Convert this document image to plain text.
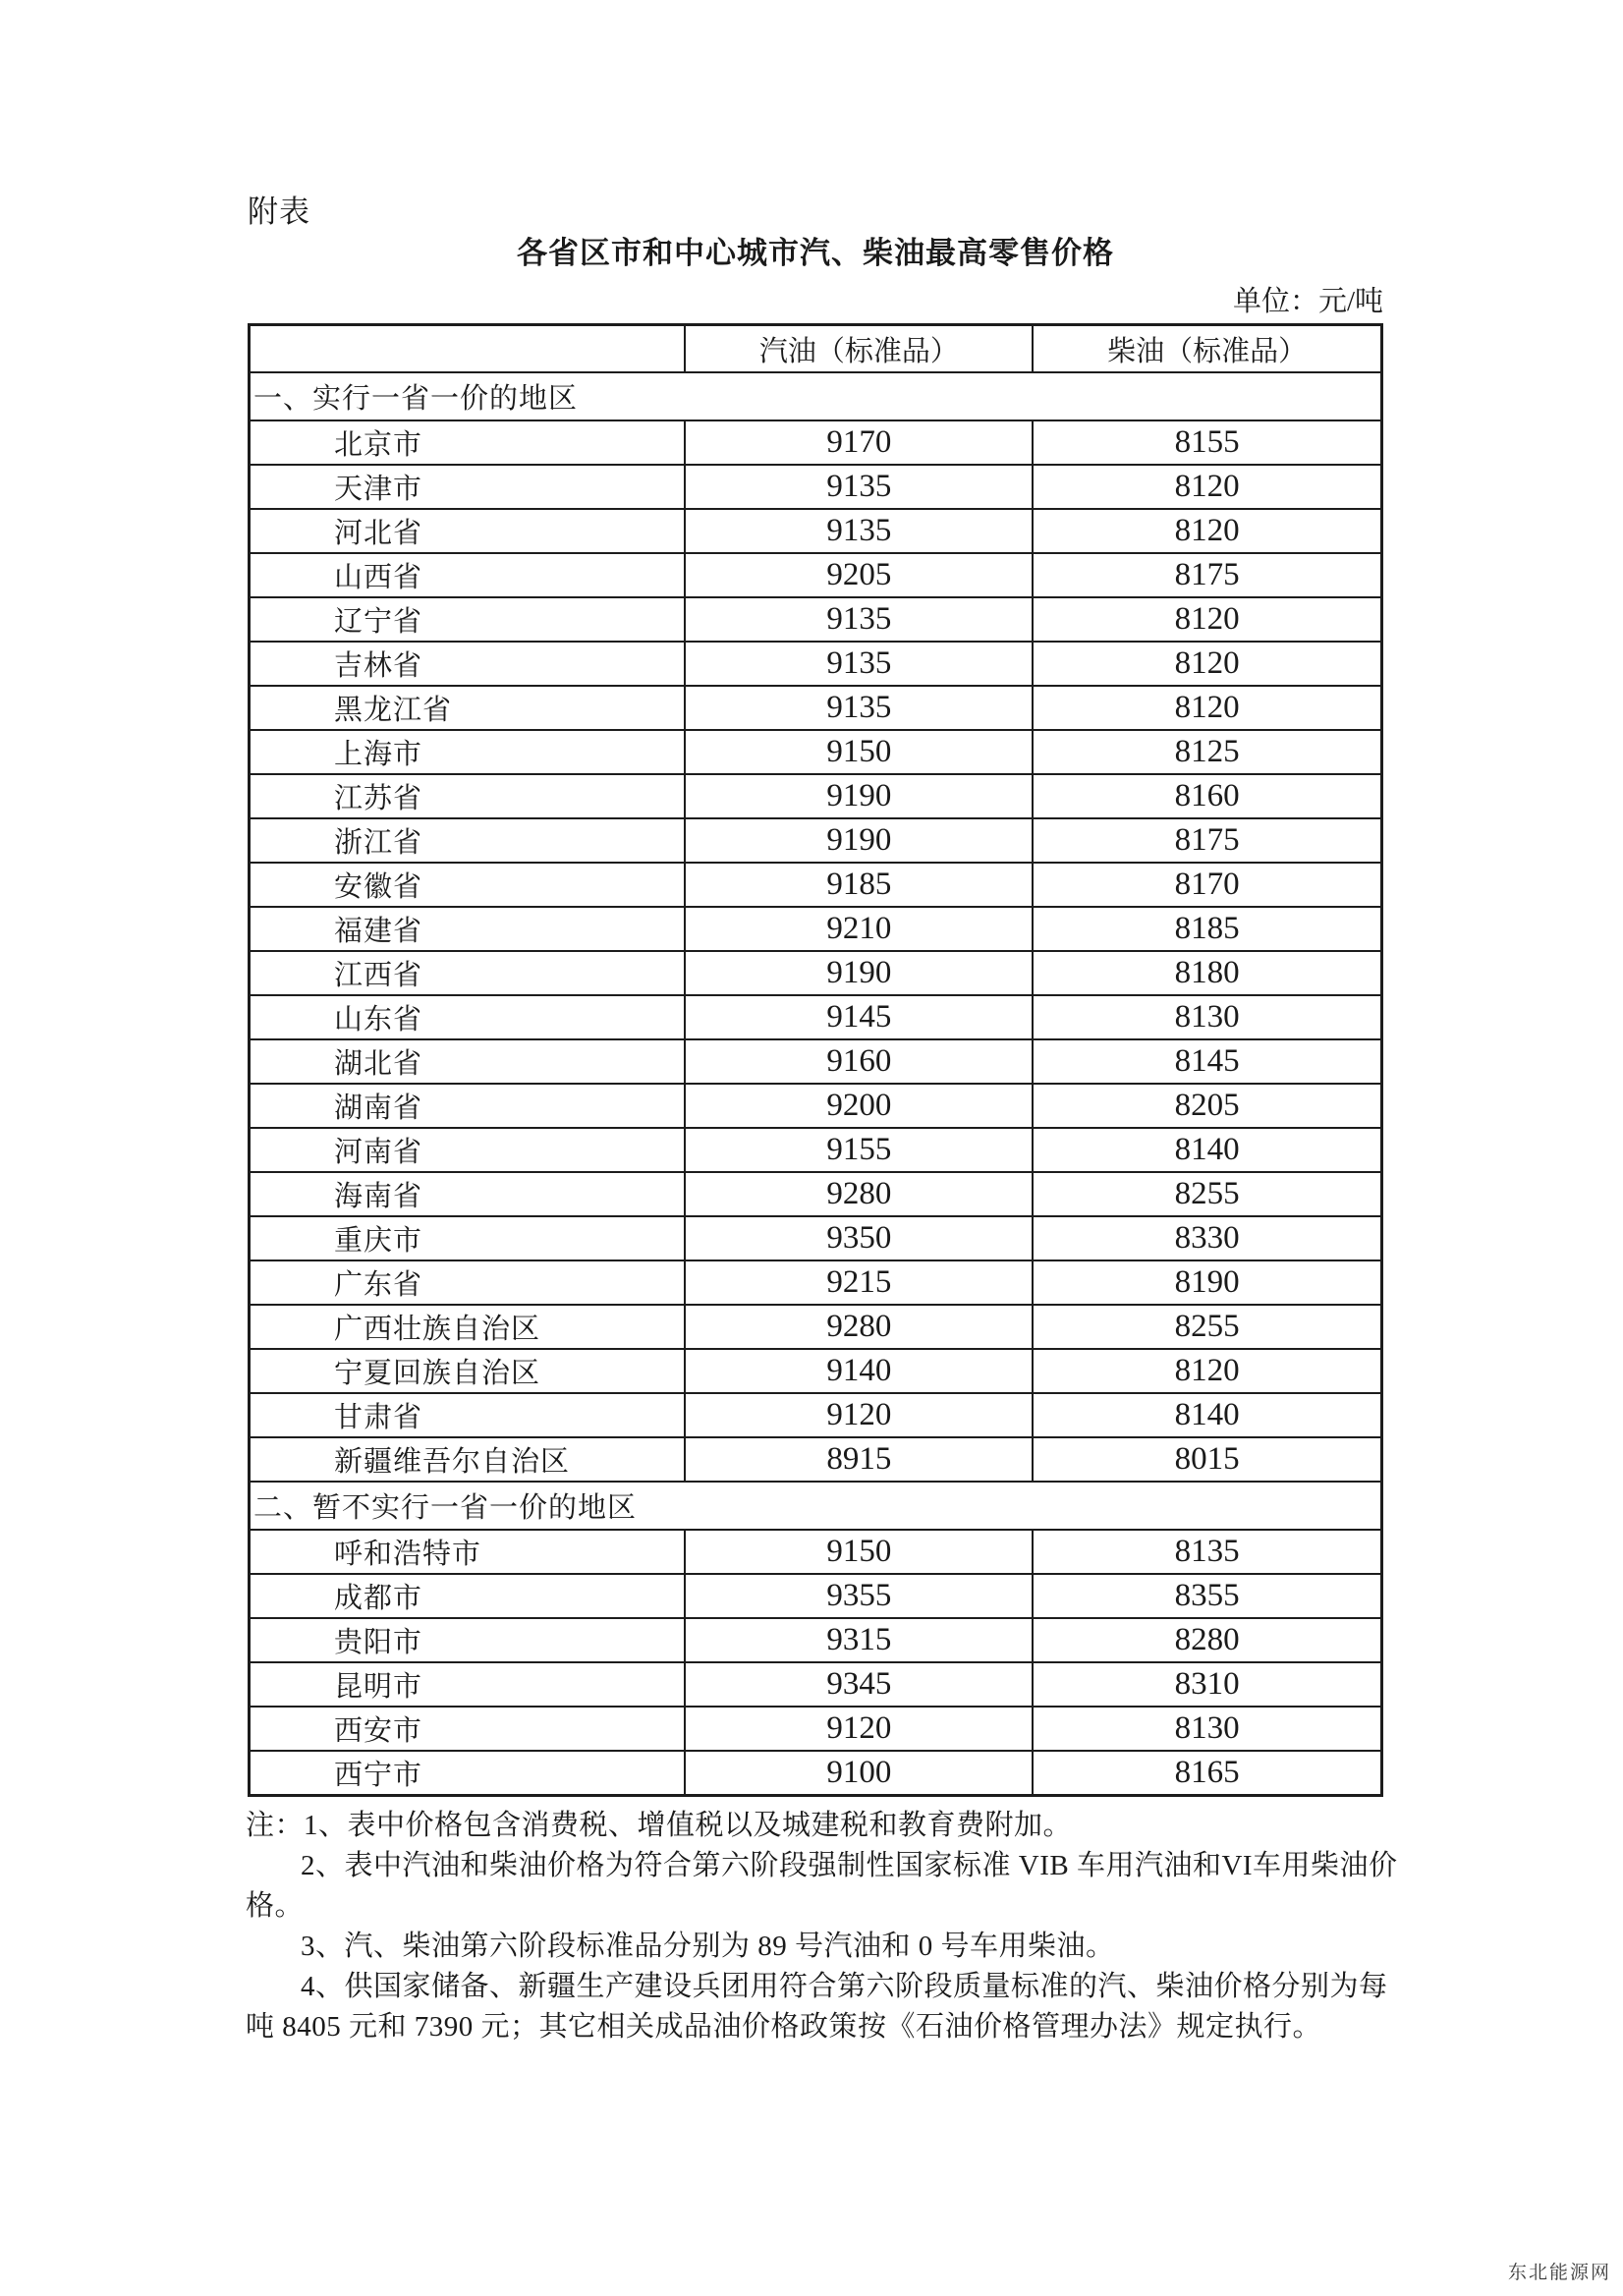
附表
各省区市和中心城市汽、柴油最高零售价格
单位：元/吨
	汽油（标准品）	柴油（标准品）
一、实行一省一价的地区		
北京市	9170	8155
天津市	9135	8120
河北省	9135	8120
山西省	9205	8175
辽宁省	9135	8120
吉林省	9135	8120
黑龙江省	9135	8120
上海市	9150	8125
江苏省	9190	8160
浙江省	9190	8175
安徽省	9185	8170
福建省	9210	8185
江西省	9190	8180
山东省	9145	8130
湖北省	9160	8145
湖南省	9200	8205
河南省	9155	8140
海南省	9280	8255
重庆市	9350	8330
广东省	9215	8190
广西壮族自治区	9280	8255
宁夏回族自治区	9140	8120
甘肃省	9120	8140
新疆维吾尔自治区	8915	8015
二、暂不实行一省一价的地区		
呼和浩特市	9150	8135
成都市	9355	8355
贵阳市	9315	8280
昆明市	9345	8310
西安市	9120	8130
西宁市	9100	8165
注：1、表中价格包含消费税、增值税以及城建税和教育费附加。
2、表中汽油和柴油价格为符合第六阶段强制性国家标准 VIB 车用汽油和VI车用柴油价
格。
3、汽、柴油第六阶段标准品分别为 89 号汽油和 0 号车用柴油。
4、供国家储备、新疆生产建设兵团用符合第六阶段质量标准的汽、柴油价格分别为每
吨 8405 元和 7390 元；其它相关成品油价格政策按《石油价格管理办法》规定执行。
东北能源网
